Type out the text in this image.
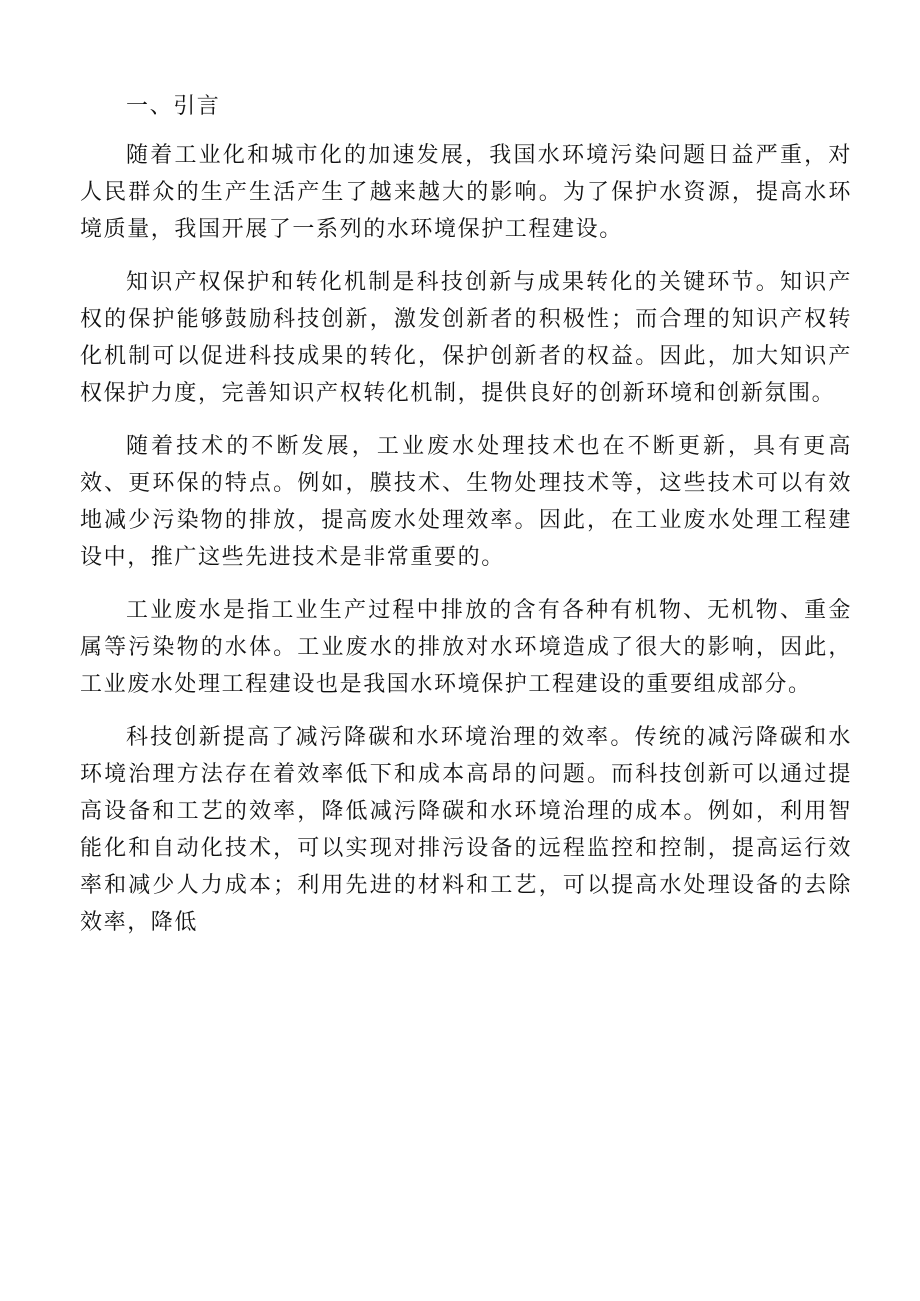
一、引言

随着工业化和城市化的加速发展，我国水环境污染问题日益严重，对人民群众的生产生活产生了越来越大的影响。为了保护水资源，提高水环境质量，我国开展了一系列的水环境保护工程建设。

知识产权保护和转化机制是科技创新与成果转化的关键环节。知识产权的保护能够鼓励科技创新，激发创新者的积极性；而合理的知识产权转化机制可以促进科技成果的转化，保护创新者的权益。因此，加大知识产权保护力度，完善知识产权转化机制，提供良好的创新环境和创新氛围。

随着技术的不断发展，工业废水处理技术也在不断更新，具有更高效、更环保的特点。例如，膜技术、生物处理技术等，这些技术可以有效地减少污染物的排放，提高废水处理效率。因此，在工业废水处理工程建设中，推广这些先进技术是非常重要的。

工业废水是指工业生产过程中排放的含有各种有机物、无机物、重金属等污染物的水体。工业废水的排放对水环境造成了很大的影响，因此，工业废水处理工程建设也是我国水环境保护工程建设的重要组成部分。

科技创新提高了减污降碳和水环境治理的效率。传统的减污降碳和水环境治理方法存在着效率低下和成本高昂的问题。而科技创新可以通过提高设备和工艺的效率，降低减污降碳和水环境治理的成本。例如，利用智能化和自动化技术，可以实现对排污设备的远程监控和控制，提高运行效率和减少人力成本；利用先进的材料和工艺，可以提高水处理设备的去除效率，降低
